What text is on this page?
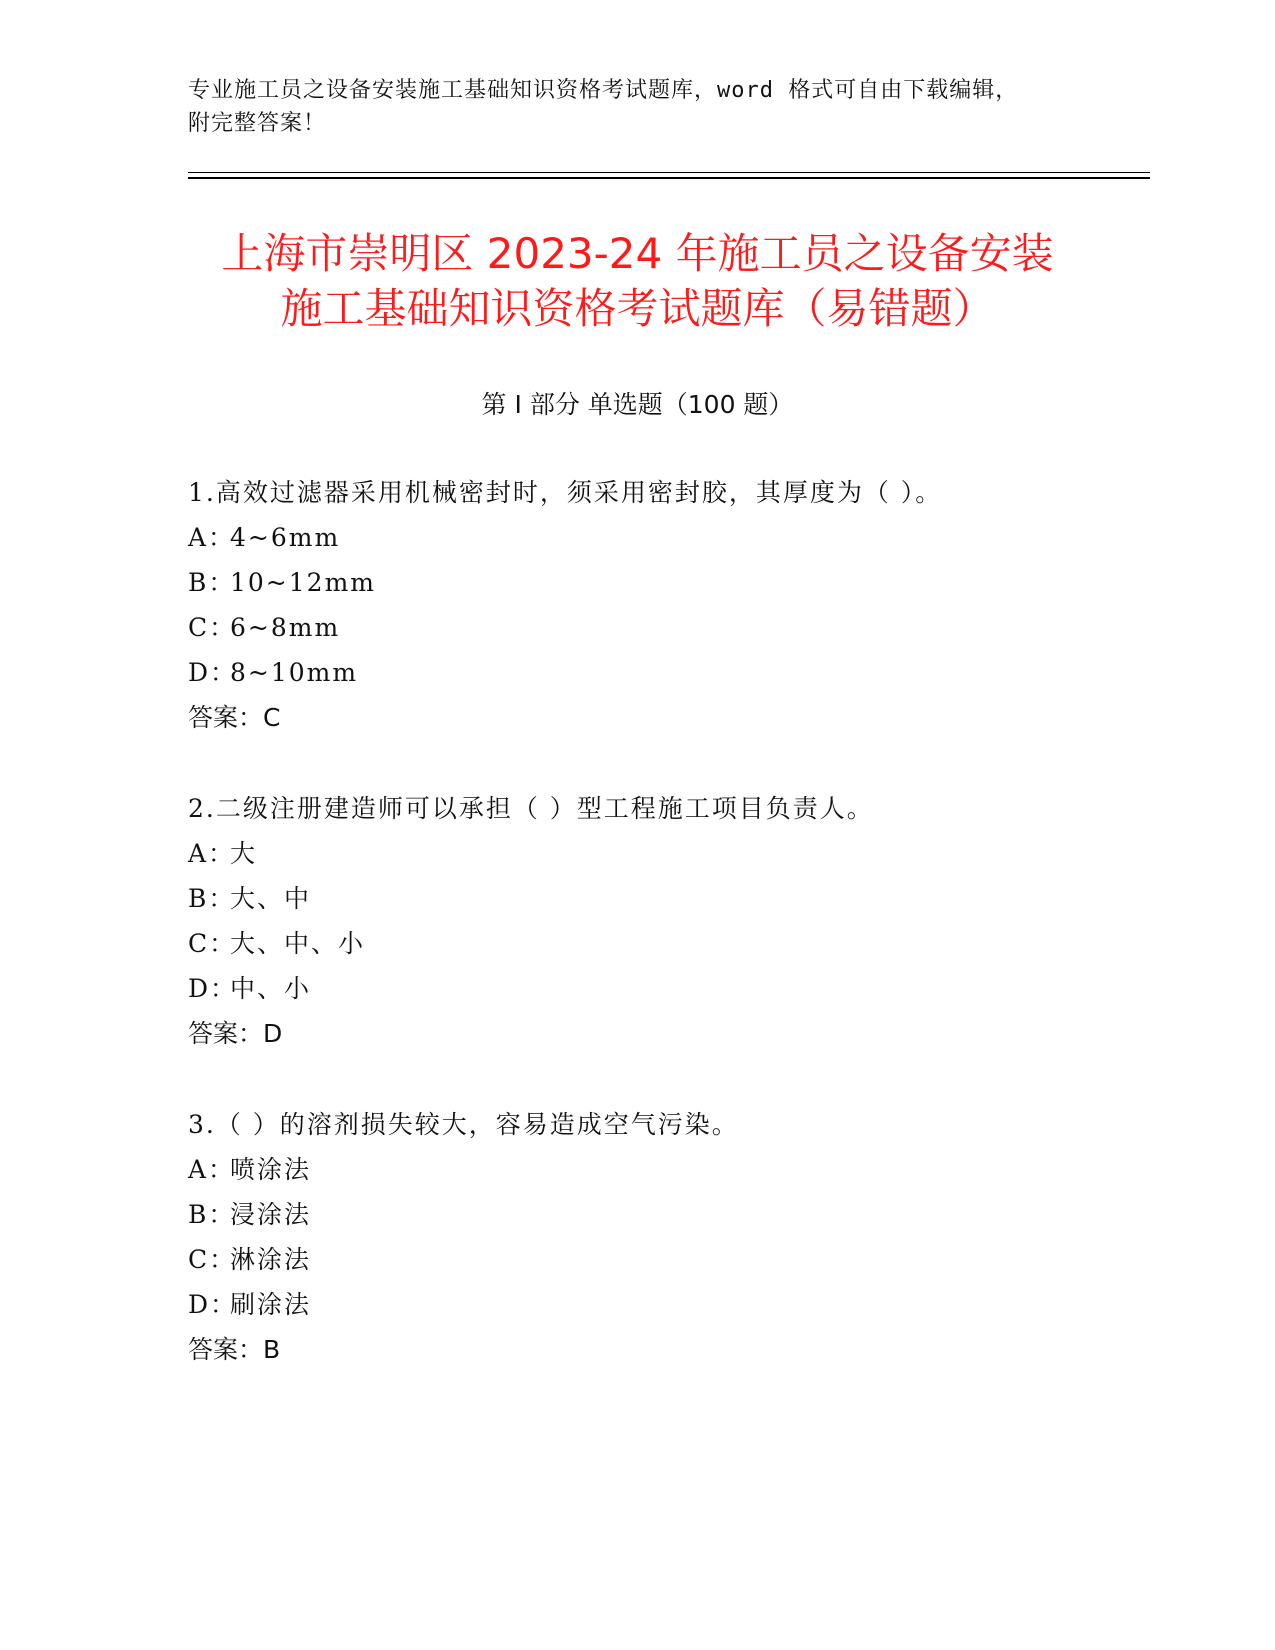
专业施工员之设备安装施工基础知识资格考试题库，word 格式可自由下载编辑，
附完整答案！
上海市崇明区 2023-24 年施工员之设备安装
施工基础知识资格考试题库（易错题）
第 I 部分 单选题（100 题）
1.高效过滤器采用机械密封时，须采用密封胶，其厚度为（ ）。
A：4~6mm
B：10~12mm
C：6~8mm
D：8~10mm
答案：C
2.二级注册建造师可以承担（ ）型工程施工项目负责人。
A：大
B：大、中
C：大、中、小
D：中、小
答案：D
3.（ ）的溶剂损失较大，容易造成空气污染。
A：喷涂法
B：浸涂法
C：淋涂法
D：刷涂法
答案：B
